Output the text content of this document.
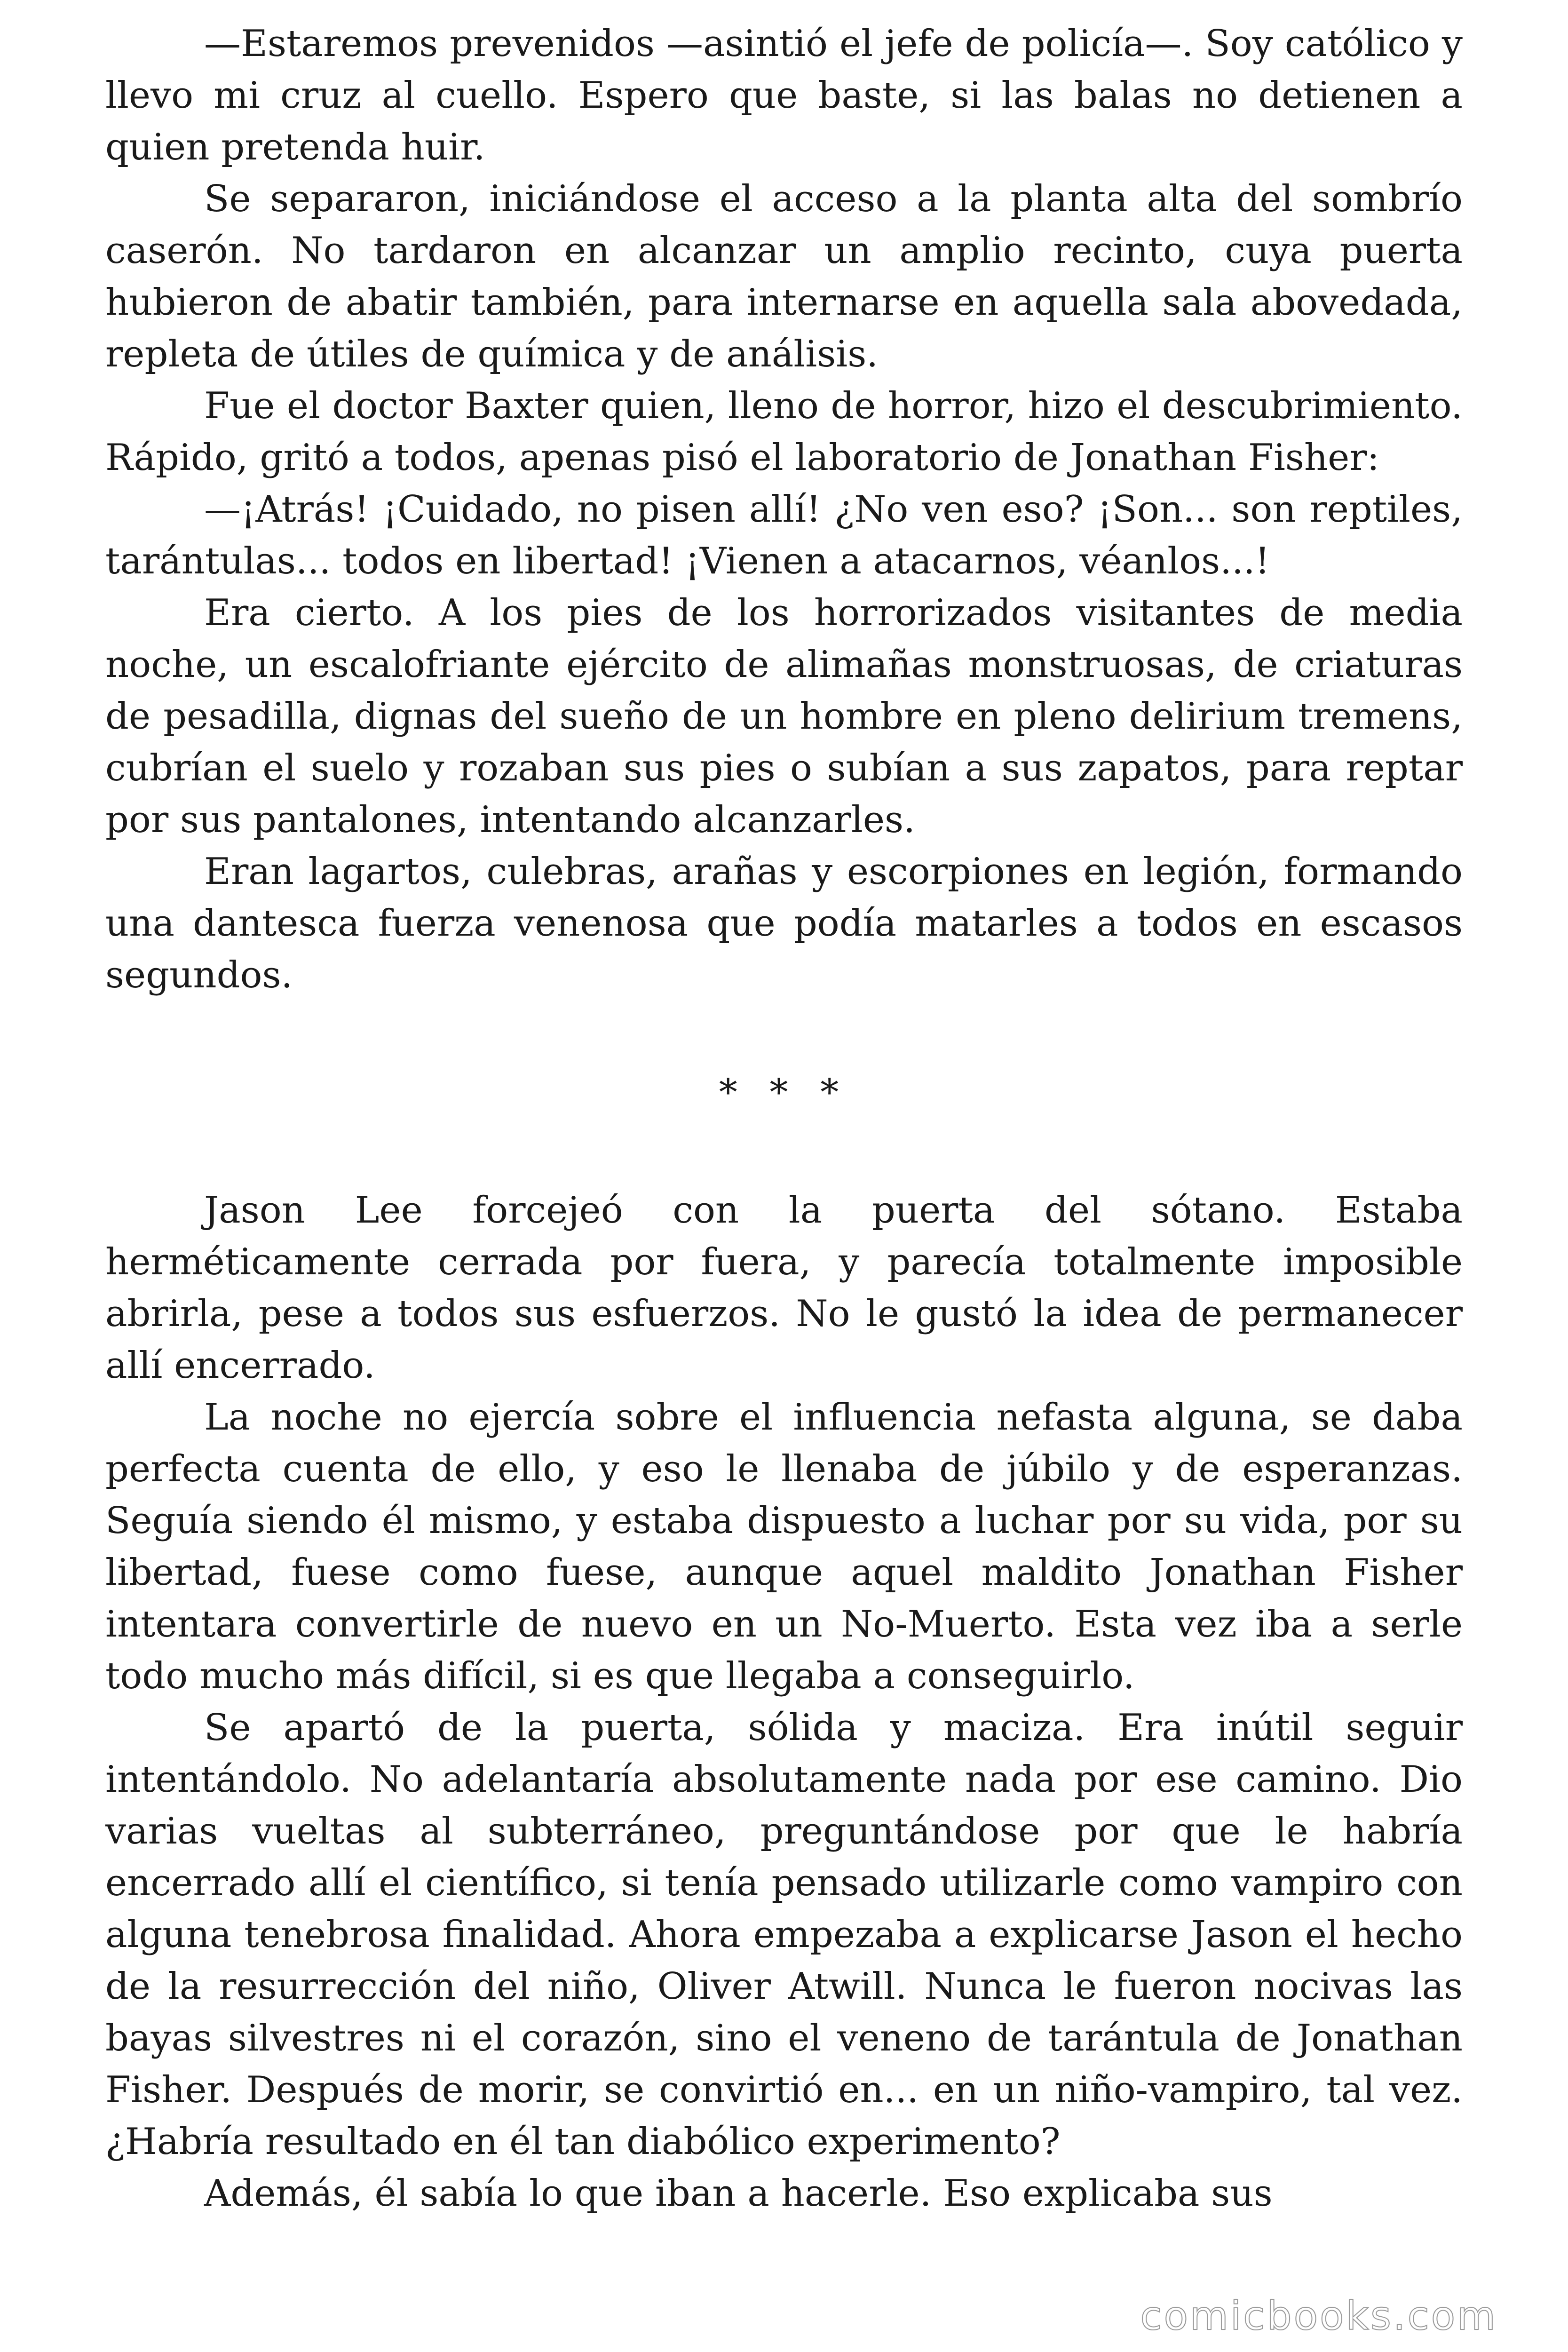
—Estaremos prevenidos —asintió el jefe de policía—. Soy católico y llevo mi cruz al cuello. Espero que baste, si las balas no detienen a quien pretenda huir.

Se separaron, iniciándose el acceso a la planta alta del sombrío caserón. No tardaron en alcanzar un amplio recinto, cuya puerta hubieron de abatir también, para internarse en aquella sala abovedada, repleta de útiles de química y de análisis.

Fue el doctor Baxter quien, lleno de horror, hizo el descubrimiento. Rápido, gritó a todos, apenas pisó el laboratorio de Jonathan Fisher:

—¡Atrás! ¡Cuidado, no pisen allí! ¿No ven eso? ¡Son... son reptiles, tarántulas... todos en libertad! ¡Vienen a atacarnos, véanlos...!

Era cierto. A los pies de los horrorizados visitantes de media noche, un escalofriante ejército de alimañas monstruosas, de criaturas de pesadilla, dignas del sueño de un hombre en pleno delirium tremens, cubrían el suelo y rozaban sus pies o subían a sus zapatos, para reptar por sus pantalones, intentando alcanzarles.

Eran lagartos, culebras, arañas y escorpiones en legión, formando una dantesca fuerza venenosa que podía matarles a todos en escasos segundos.

* * *

Jason Lee forcejeó con la puerta del sótano. Estaba herméticamente cerrada por fuera, y parecía totalmente imposible abrirla, pese a todos sus esfuerzos. No le gustó la idea de permanecer allí encerrado.

La noche no ejercía sobre el influencia nefasta alguna, se daba perfecta cuenta de ello, y eso le llenaba de júbilo y de esperanzas. Seguía siendo él mismo, y estaba dispuesto a luchar por su vida, por su libertad, fuese como fuese, aunque aquel maldito Jonathan Fisher intentara convertirle de nuevo en un No-Muerto. Esta vez iba a serle todo mucho más difícil, si es que llegaba a conseguirlo.

Se apartó de la puerta, sólida y maciza. Era inútil seguir intentándolo. No adelantaría absolutamente nada por ese camino. Dio varias vueltas al subterráneo, preguntándose por que le habría encerrado allí el científico, si tenía pensado utilizarle como vampiro con alguna tenebrosa finalidad. Ahora empezaba a explicarse Jason el hecho de la resurrección del niño, Oliver Atwill. Nunca le fueron nocivas las bayas silvestres ni el corazón, sino el veneno de tarántula de Jonathan Fisher. Después de morir, se convirtió en... en un niño-vampiro, tal vez. ¿Habría resultado en él tan diabólico experimento?

Además, él sabía lo que iban a hacerle. Eso explicaba sus

comicbooks.com
